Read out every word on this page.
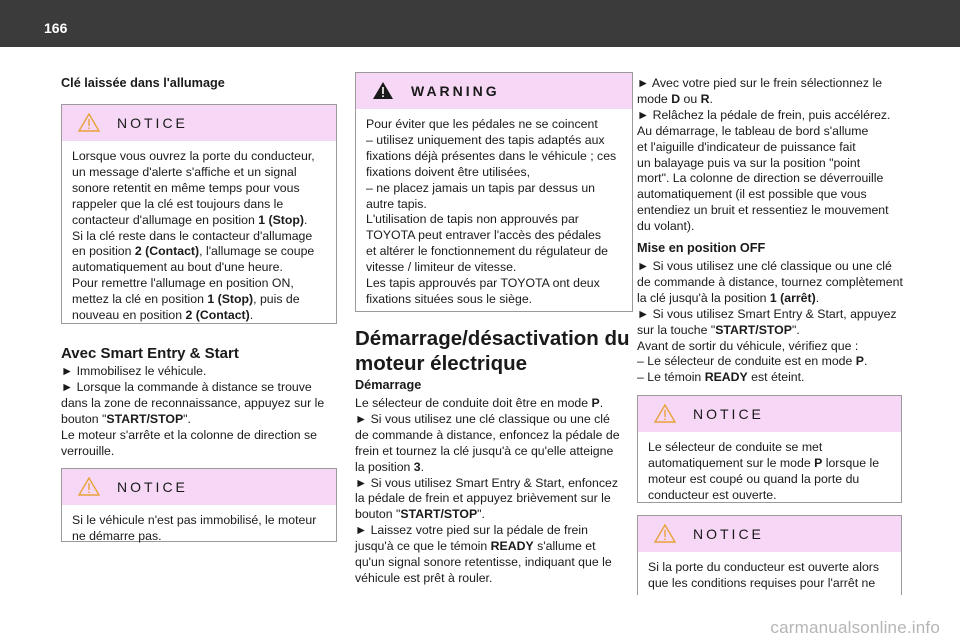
166
Clé laissée dans l'allumage
NOTICE
Lorsque vous ouvrez la porte du conducteur,
un message d'alerte s'affiche et un signal
sonore retentit en même temps pour vous
rappeler que la clé est toujours dans le
contacteur d'allumage en position 1 (Stop).
Si la clé reste dans le contacteur d'allumage
en position 2 (Contact), l'allumage se coupe
automatiquement au bout d'une heure.
Pour remettre l'allumage en position ON,
mettez la clé en position 1 (Stop), puis de
nouveau en position 2 (Contact).
Avec Smart Entry & Start
► Immobilisez le véhicule.
► Lorsque la commande à distance se trouve
dans la zone de reconnaissance, appuyez sur le
bouton "START/STOP".
Le moteur s'arrête et la colonne de direction se
verrouille.
NOTICE
Si le véhicule n'est pas immobilisé, le moteur
ne démarre pas.
WARNING
Pour éviter que les pédales ne se coincent
– utilisez uniquement des tapis adaptés aux
fixations déjà présentes dans le véhicule ; ces
fixations doivent être utilisées,
– ne placez jamais un tapis par dessus un
autre tapis.
L'utilisation de tapis non approuvés par
TOYOTA peut entraver l'accès des pédales
et altérer le fonctionnement du régulateur de
vitesse / limiteur de vitesse.
Les tapis approuvés par TOYOTA ont deux
fixations situées sous le siège.
Démarrage/désactivation du
moteur électrique
Démarrage
Le sélecteur de conduite doit être en mode P.
► Si vous utilisez une clé classique ou une clé
de commande à distance, enfoncez la pédale de
frein et tournez la clé jusqu'à ce qu'elle atteigne
la position 3.
► Si vous utilisez Smart Entry & Start, enfoncez
la pédale de frein et appuyez brièvement sur le
bouton "START/STOP".
► Laissez votre pied sur la pédale de frein
jusqu'à ce que le témoin READY s'allume et
qu'un signal sonore retentisse, indiquant que le
véhicule est prêt à rouler.
► Avec votre pied sur le frein sélectionnez le
mode D ou R.
► Relâchez la pédale de frein, puis accélérez.
Au démarrage, le tableau de bord s'allume
et l'aiguille d'indicateur de puissance fait
un balayage puis va sur la position "point
mort". La colonne de direction se déverrouille
automatiquement (il est possible que vous
entendiez un bruit et ressentiez le mouvement
du volant).
Mise en position OFF
► Si vous utilisez une clé classique ou une clé
de commande à distance, tournez complètement
la clé jusqu'à la position 1 (arrêt).
► Si vous utilisez Smart Entry & Start, appuyez
sur la touche "START/STOP".
Avant de sortir du véhicule, vérifiez que :
– Le sélecteur de conduite est en mode P.
– Le témoin READY est éteint.
NOTICE
Le sélecteur de conduite se met
automatiquement sur le mode P lorsque le
moteur est coupé ou quand la porte du
conducteur est ouverte.
NOTICE
Si la porte du conducteur est ouverte alors
que les conditions requises pour l'arrêt ne
carmanualsonline.info
